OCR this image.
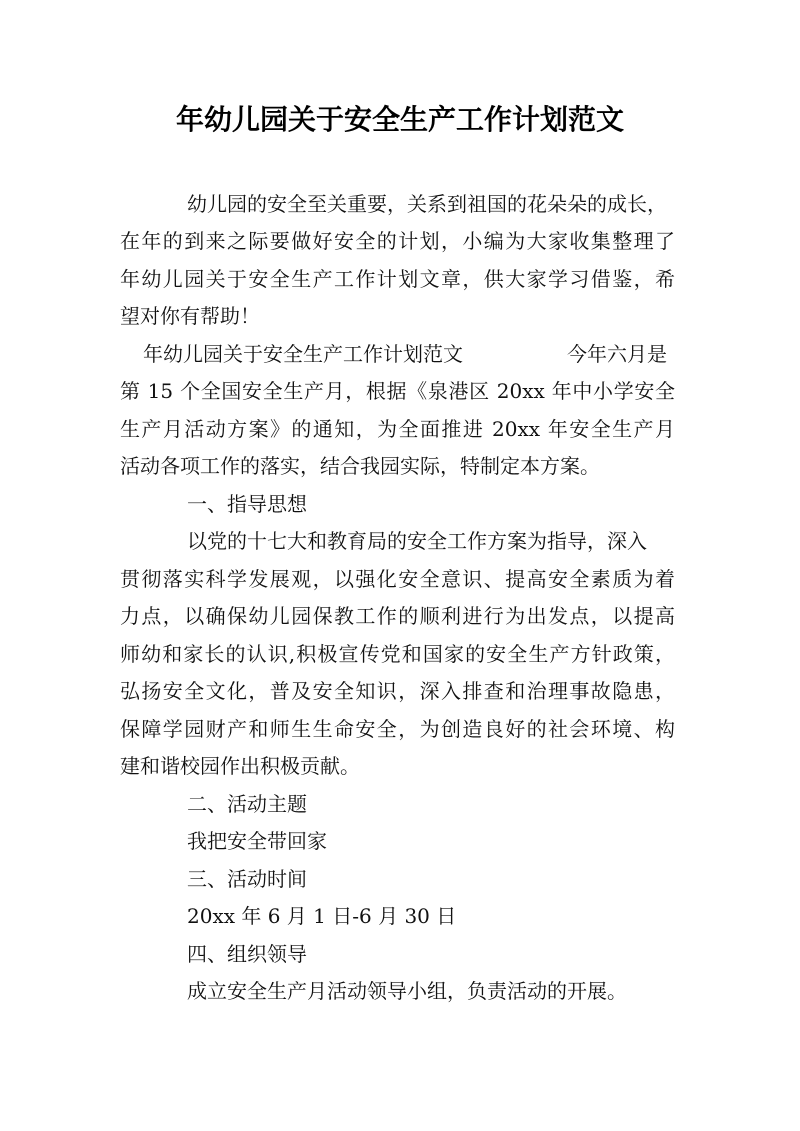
年幼儿园关于安全生产工作计划范文

幼儿园的安全至关重要，关系到祖国的花朵朵的成长，

在年的到来之际要做好安全的计划，小编为大家收集整理了

年幼儿园关于安全生产工作计划文章，供大家学习借鉴，希

望对你有帮助！

年幼儿园关于安全生产工作计划范文	今年六月是

第 15 个全国安全生产月，根据《泉港区 20xx 年中小学安全

生产月活动方案》的通知，为全面推进 20xx 年安全生产月

活动各项工作的落实，结合我园实际，特制定本方案。

一、指导思想

以党的十七大和教育局的安全工作方案为指导，深入

贯彻落实科学发展观，以强化安全意识、提高安全素质为着

力点，以确保幼儿园保教工作的顺利进行为出发点，以提高

师幼和家长的认识,积极宣传党和国家的安全生产方针政策，

弘扬安全文化，普及安全知识，深入排查和治理事故隐患，

保障学园财产和师生生命安全，为创造良好的社会环境、构

建和谐校园作出积极贡献。

二、活动主题

我把安全带回家

三、活动时间

20xx 年 6 月 1 日-6 月 30 日

四、组织领导

成立安全生产月活动领导小组，负责活动的开展。
